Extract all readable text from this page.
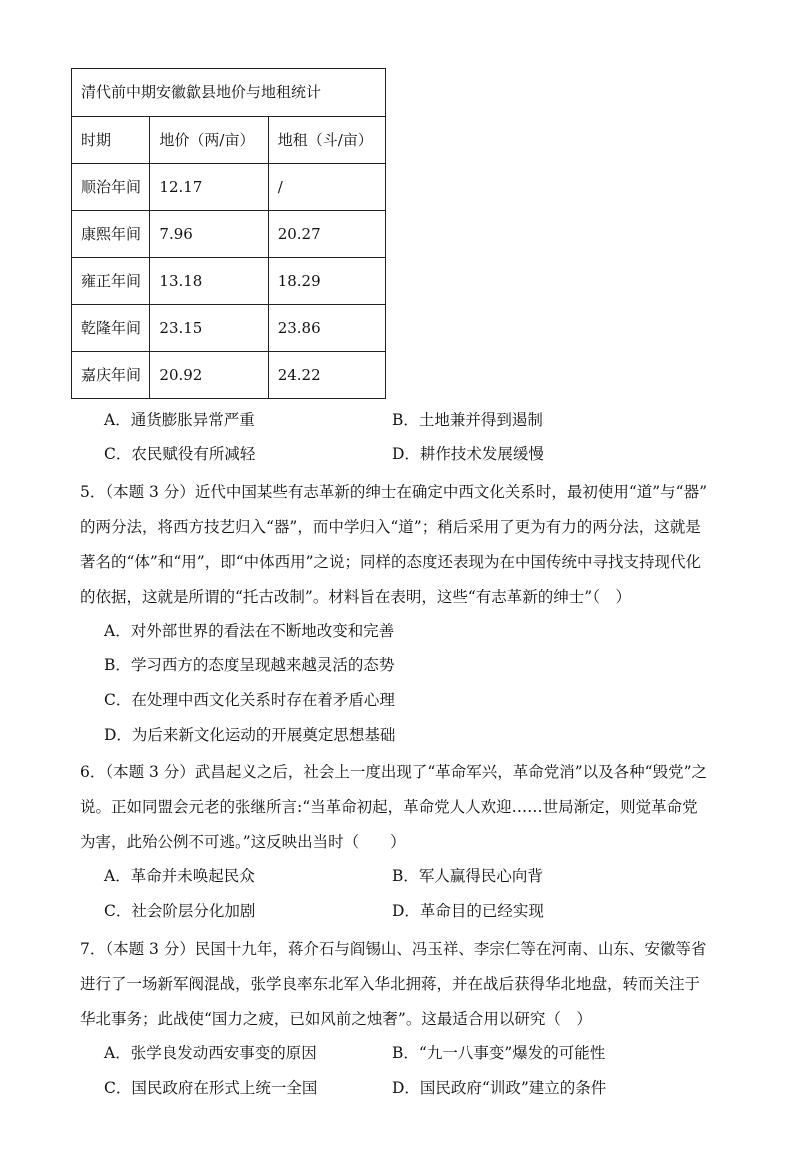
清代前中期安徽歙县地价与地租统计		
时期	地价（两/亩）	地租（斗/亩）
顺治年间	12.17	/
康熙年间	7.96	20.27
雍正年间	13.18	18.29
乾隆年间	23.15	23.86
嘉庆年间	20.92	24.22
A．通货膨胀异常严重	B．土地兼并得到遏制
C．农民赋役有所减轻	D．耕作技术发展缓慢
5．（本题 3 分）近代中国某些有志革新的绅士在确定中西文化关系时，最初使用“道”与“器”
的两分法，将西方技艺归入“器”，而中学归入“道”；稍后采用了更为有力的两分法，这就是
著名的“体”和“用”，即“中体西用”之说；同样的态度还表现为在中国传统中寻找支持现代化
的依据，这就是所谓的“托古改制”。材料旨在表明，这些“有志革新的绅士”（　）
A．对外部世界的看法在不断地改变和完善
B．学习西方的态度呈现越来越灵活的态势
C．在处理中西文化关系时存在着矛盾心理
D．为后来新文化运动的开展奠定思想基础
6．（本题 3 分）武昌起义之后，社会上一度出现了“革命军兴，革命党消”以及各种“毁党”之
说。正如同盟会元老的张继所言:“当革命初起，革命党人人欢迎……世局渐定，则觉革命党
为害，此殆公例不可逃。”这反映出当时（　　）
A．革命并未唤起民众	B．军人赢得民心向背
C．社会阶层分化加剧	D．革命目的已经实现
7．（本题 3 分）民国十九年，蒋介石与阎锡山、冯玉祥、李宗仁等在河南、山东、安徽等省
进行了一场新军阀混战，张学良率东北军入华北拥蒋，并在战后获得华北地盘，转而关注于
华北事务；此战使“国力之疲，已如风前之烛奢”。这最适合用以研究（　）
A．张学良发动西安事变的原因	B．“九一八事变”爆发的可能性
C．国民政府在形式上统一全国	D．国民政府“训政”建立的条件
